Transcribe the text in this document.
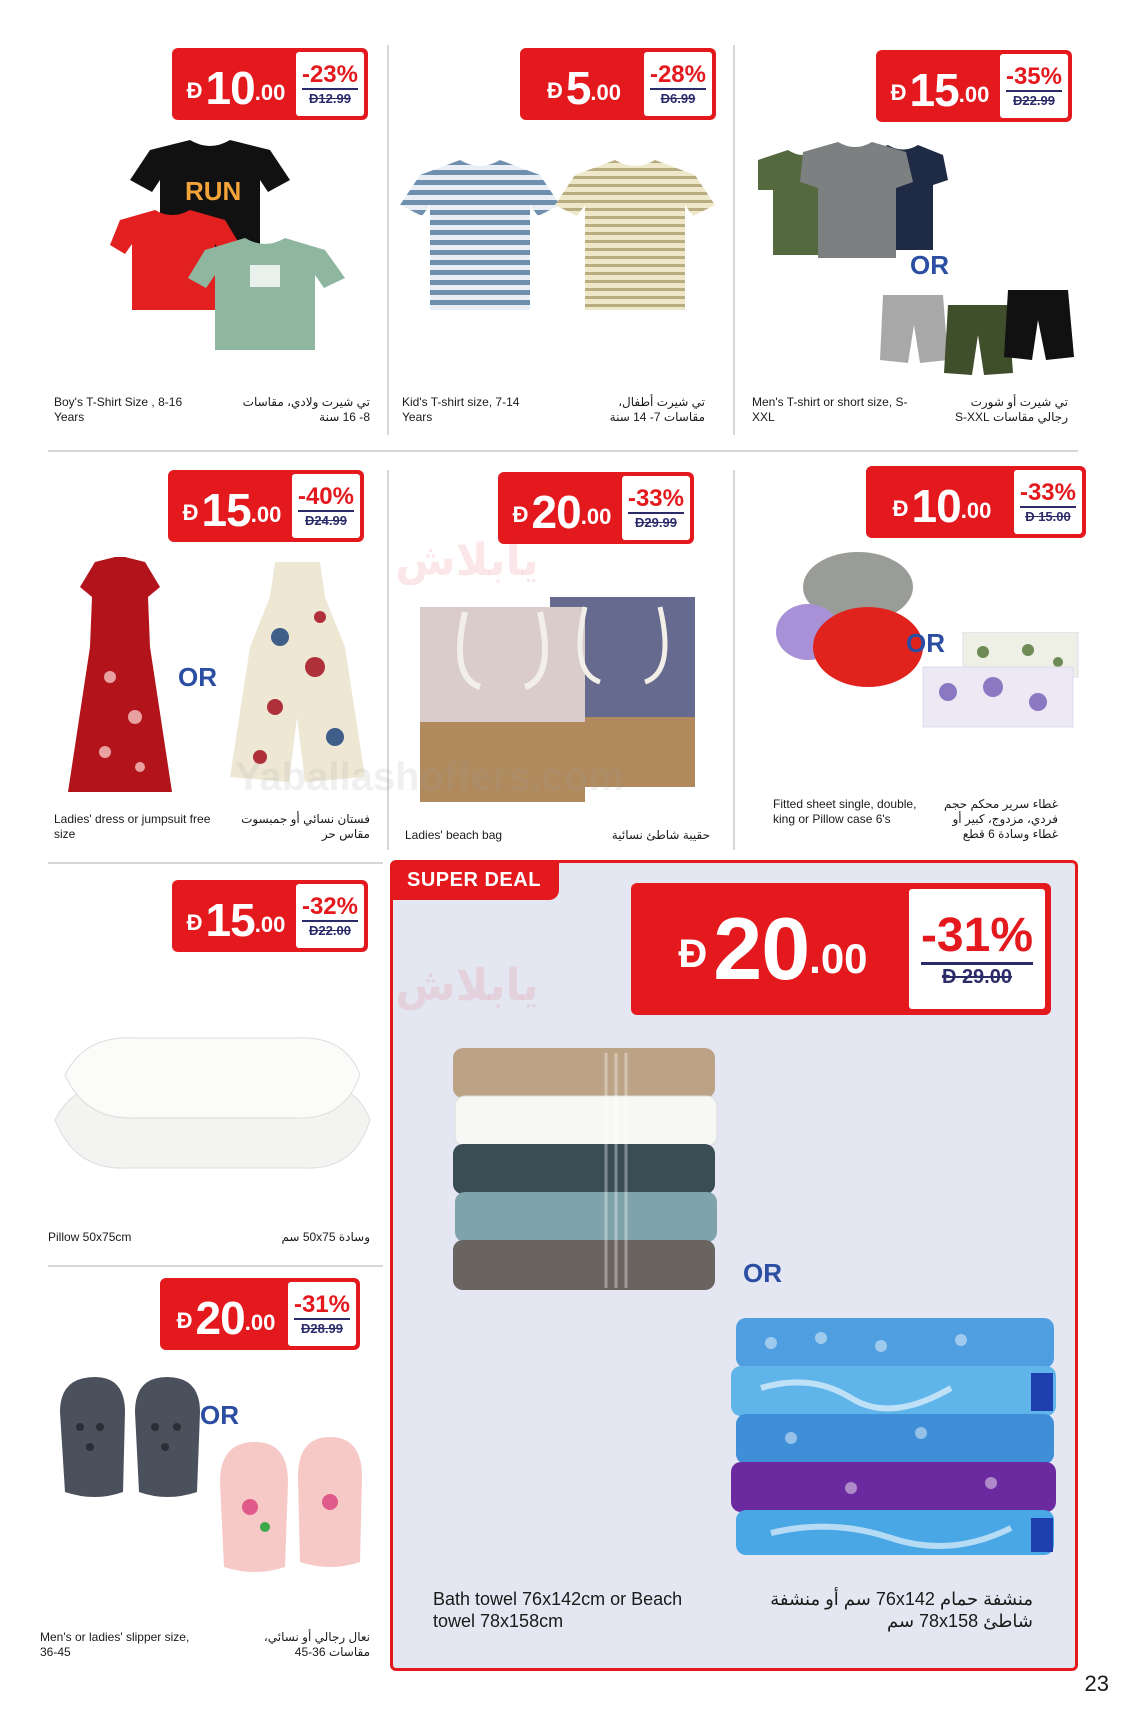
Ð 10 .00
-23%
Ð12.99
RUN
Boy's T-Shirt Size , 8-16 Years
تي شيرت ولادي، مقاسات 8- 16 سنة
Ð 5 .00
-28%
Ð6.99
Kid's T-shirt size, 7-14 Years
تي شيرت أطفال، مقاسات 7- 14 سنة
Ð 15 .00
-35%
Ð22.99
OR
Men's T-shirt or short size, S-XXL
تي شيرت أو شورت رجالي مقاسات S-XXL
Ð 15 .00
-40%
Ð24.99
OR
Ladies' dress or jumpsuit free size
فستان نسائي أو جمبسوت مقاس حر
Ð 20 .00
-33%
Ð29.99
Ladies' beach bag	حقيبة شاطئ نسائية
Ð 10 .00
-33%
Ð 15.00
OR
Fitted sheet single, double, king or Pillow case 6's
غطاء سرير محكم حجم فردي، مزدوج، كبير أو غطاء وسادة 6 قطع
Ð 15 .00
-32%
Ð22.00
Pillow 50x75cm	وسادة 50x75 سم
Ð 20 .00
-31%
Ð28.99
OR
Men's or ladies' slipper size, 36-45
نعال رجالي أو نسائي، مقاسات 36-45
SUPER DEAL
Ð 20 .00 -31%
Ð 29.00
OR
Bath towel 76x142cm or Beach towel 78x158cm
منشفة حمام 76x142 سم أو منشفة شاطئ 78x158 سم
يابلاش
يابلاش
Yaballashoffers.com
23
